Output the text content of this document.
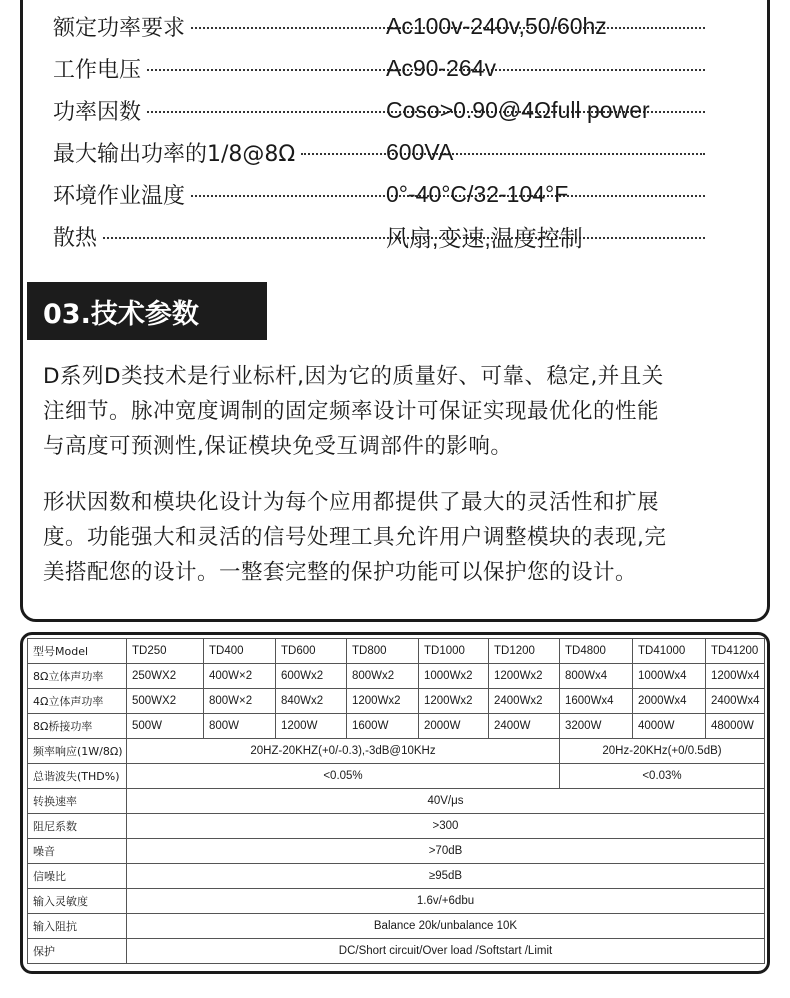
额定功率要求	Ac100v-240v,50/60hz
工作电压	Ac90-264v
功率因数	Coso>0.90@4Ωfull power
最大输出功率的1/8@8Ω	600VA
环境作业温度	0°-40°C/32-104°F
散热	风扇,变速,温度控制
03.技术参数
D系列D类技术是行业标杆,因为它的质量好、可靠、稳定,并且关
注细节。脉冲宽度调制的固定频率设计可保证实现最优化的性能
与高度可预测性,保证模块免受互调部件的影响。
形状因数和模块化设计为每个应用都提供了最大的灵活性和扩展
度。功能强大和灵活的信号处理工具允许用户调整模块的表现,完
美搭配您的设计。一整套完整的保护功能可以保护您的设计。
型号Model	TD250	TD400	TD600	TD800	TD1000	TD1200	TD4800	TD41000	TD41200
8Ω立体声功率	250WX2	400W×2	600Wx2	800Wx2	1000Wx2	1200Wx2	800Wx4	1000Wx4	1200Wx4
4Ω立体声功率	500WX2	800W×2	840Wx2	1200Wx2	1200Wx2	2400Wx2	1600Wx4	2000Wx4	2400Wx4
8Ω桥接功率	500W	800W	1200W	1600W	2000W	2400W	3200W	4000W	48000W
频率响应(1W/8Ω)	20HZ-20KHZ(+0/-0.3),-3dB@10KHz						20Hz-20KHz(+0/0.5dB)		
总谐波失(THD%)	<0.05%						<0.03%		
转换速率	40V/μs								
阻尼系数	>300								
噪音	>70dB								
信噪比	≥95dB								
输入灵敏度	1.6v/+6dbu								
输入阻抗	Balance 20k/unbalance 10K								
保护	DC/Short circuit/Over load /Softstart /Limit								
